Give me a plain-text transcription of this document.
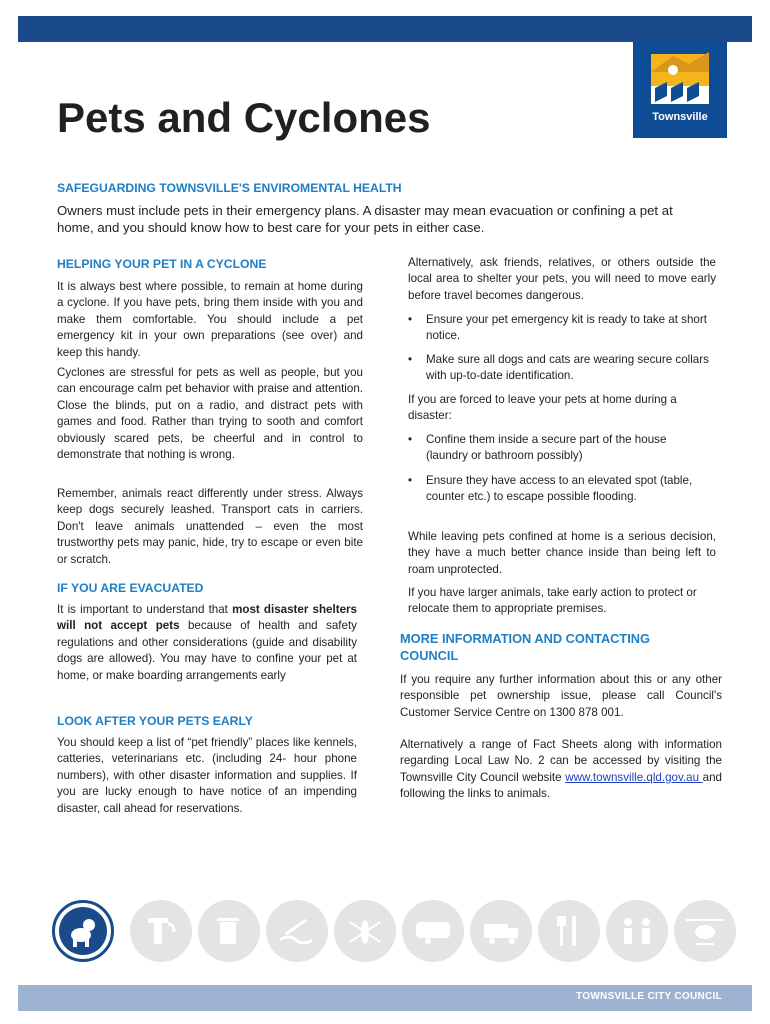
Townsville
Pets and Cyclones
SAFEGUARDING TOWNSVILLE'S ENVIROMENTAL HEALTH
Owners must include pets in their emergency plans. A disaster may mean evacuation or confining a pet at
home, and you should know how to best care for your pets in either case.
HELPING YOUR PET IN A CYCLONE

It is always best where possible, to remain at home during a cyclone. If you have pets, bring them inside with you and make them comfortable. You should include a pet emergency kit in your own preparations (see over) and keep this handy.

Cyclones are stressful for pets as well as people, but you can encourage calm pet behavior with praise and attention. Close the blinds, put on a radio, and distract pets with games and food. Rather than trying to sooth and comfort obviously scared pets, be cheerful and in control to demonstrate that nothing is wrong.

Remember, animals react differently under stress. Always keep dogs securely leashed. Transport cats in carriers. Don't leave animals unattended – even the most trustworthy pets may panic, hide, try to escape or even bite or scratch.

IF YOU ARE EVACUATED

It is important to understand that most disaster shelters will not accept pets because of health and safety regulations and other considerations (guide and disability dogs are allowed). You may have to confine your pet at home, or make boarding arrangements early

LOOK AFTER YOUR PETS EARLY

You should keep a list of “pet friendly” places like kennels, catteries, veterinarians etc. (including 24- hour phone numbers), with other disaster information and supplies. If you are lucky enough to have notice of an impending disaster, call ahead for reservations.

Alternatively, ask friends, relatives, or others outside the local area to shelter your pets, you will need to move early before travel becomes dangerous.

• Ensure your pet emergency kit is ready to take at short notice.
• Make sure all dogs and cats are wearing secure collars with up-to-date identification.

If you are forced to leave your pets at home during a disaster:

• Confine them inside a secure part of the house (laundry or bathroom possibly)
• Ensure they have access to an elevated spot (table, counter etc.) to escape possible flooding.

While leaving pets confined at home is a serious decision, they have a much better chance inside than being left to roam unprotected.

If you have larger animals, take early action to protect or relocate them to appropriate premises.

MORE INFORMATION AND CONTACTING
COUNCIL

If you require any further information about this or any other responsible pet ownership issue, please call Council's Customer Service Centre on 1300 878 001.

Alternatively a range of Fact Sheets along with information regarding Local Law No. 2 can be accessed by visiting the Townsville City Council website www.townsville.qld.gov.au and following the links to animals.

TOWNSVILLE CITY COUNCIL
